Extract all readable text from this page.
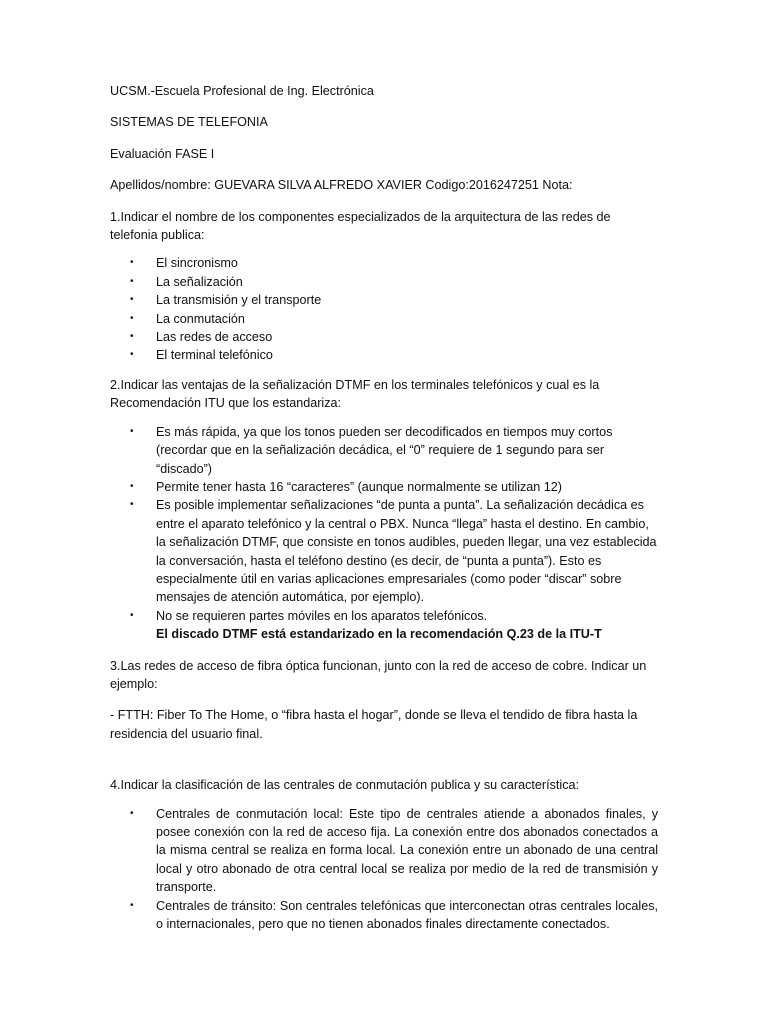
UCSM.-Escuela Profesional de Ing. Electrónica

SISTEMAS DE TELEFONIA

Evaluación FASE I

Apellidos/nombre: GUEVARA SILVA ALFREDO XAVIER Codigo:2016247251 Nota:

1.Indicar el nombre de los componentes especializados de la arquitectura de las redes de telefonia publica:

• El sincronismo
• La señalización
• La transmisión y el transporte
• La conmutación
• Las redes de acceso
• El terminal telefónico

2.Indicar las ventajas de la señalización DTMF en los terminales telefónicos y cual es la Recomendación ITU que los estandariza:

• Es más rápida, ya que los tonos pueden ser decodificados en tiempos muy cortos (recordar que en la señalización decádica, el “0” requiere de 1 segundo para ser “discado”)
• Permite tener hasta 16 “caracteres” (aunque normalmente se utilizan 12)
• Es posible implementar señalizaciones “de punta a punta”. La señalización decádica es entre el aparato telefónico y la central o PBX. Nunca “llega” hasta el destino. En cambio, la señalización DTMF, que consiste en tonos audibles, pueden llegar, una vez establecida la conversación, hasta el teléfono destino (es decir, de “punta a punta”). Esto es especialmente útil en varias aplicaciones empresariales (como poder “discar” sobre mensajes de atención automática, por ejemplo).
• No se requieren partes móviles en los aparatos telefónicos.
El discado DTMF está estandarizado en la recomendación Q.23 de la ITU-T

3.Las redes de acceso de fibra óptica funcionan, junto con la red de acceso de cobre. Indicar un ejemplo:

- FTTH: Fiber To The Home, o “fibra hasta el hogar”, donde se lleva el tendido de fibra hasta la residencia del usuario final.

4.Indicar la clasificación de las centrales de conmutación publica y su característica:

• Centrales de conmutación local: Este tipo de centrales atiende a abonados finales, y posee conexión con la red de acceso fija. La conexión entre dos abonados conectados a la misma central se realiza en forma local. La conexión entre un abonado de una central local y otro abonado de otra central local se realiza por medio de la red de transmisión y transporte.
• Centrales de tránsito: Son centrales telefónicas que interconectan otras centrales locales, o internacionales, pero que no tienen abonados finales directamente conectados.
